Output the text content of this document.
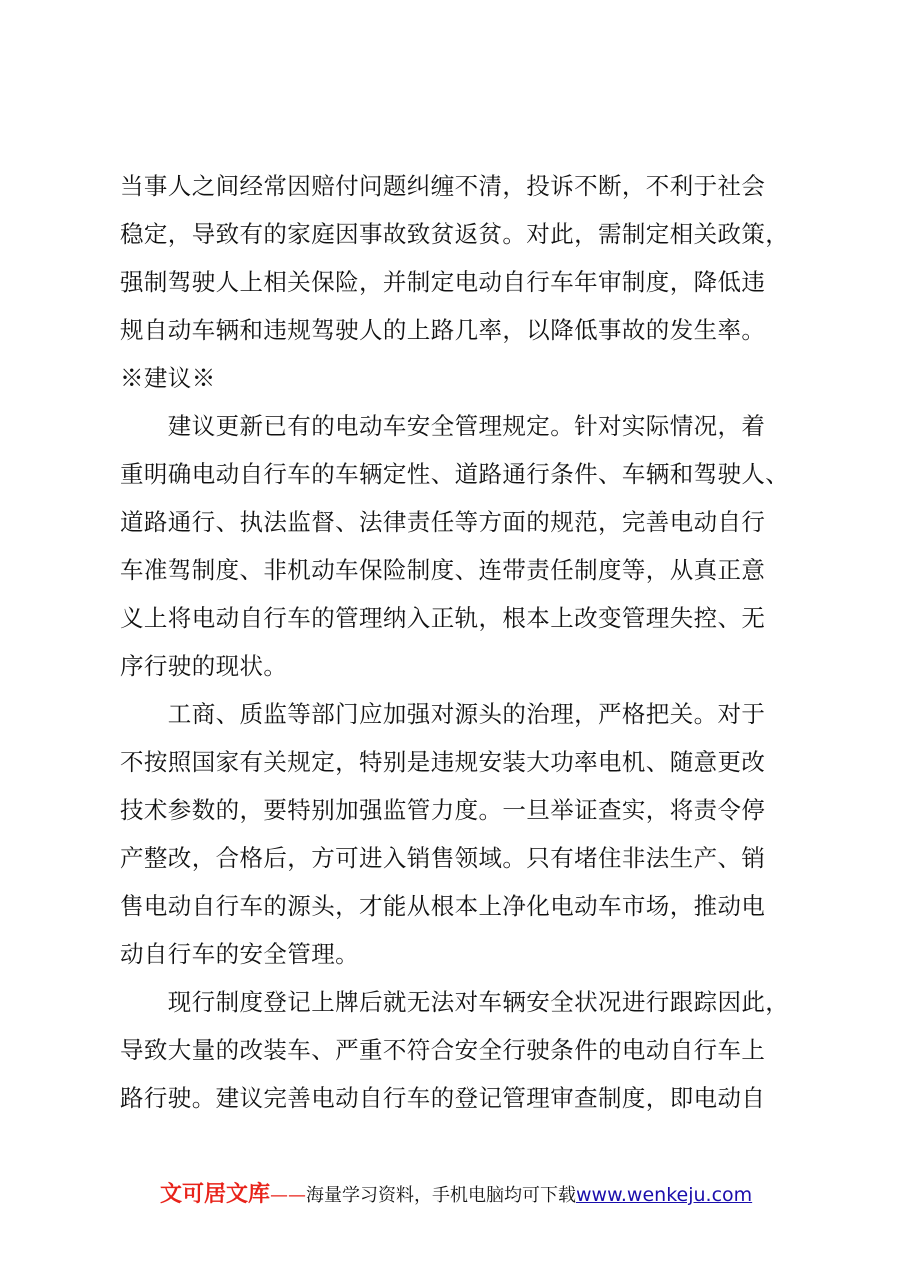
当事人之间经常因赔付问题纠缠不清，投诉不断，不利于社会
稳定，导致有的家庭因事故致贫返贫。对此，需制定相关政策，
强制驾驶人上相关保险，并制定电动自行车年审制度，降低违
规自动车辆和违规驾驶人的上路几率，以降低事故的发生率。
※建议※
　　建议更新已有的电动车安全管理规定。针对实际情况，着
重明确电动自行车的车辆定性、道路通行条件、车辆和驾驶人、
道路通行、执法监督、法律责任等方面的规范，完善电动自行
车准驾制度、非机动车保险制度、连带责任制度等，从真正意
义上将电动自行车的管理纳入正轨，根本上改变管理失控、无
序行驶的现状。
　　工商、质监等部门应加强对源头的治理，严格把关。对于
不按照国家有关规定，特别是违规安装大功率电机、随意更改
技术参数的，要特别加强监管力度。一旦举证查实，将责令停
产整改，合格后，方可进入销售领域。只有堵住非法生产、销
售电动自行车的源头，才能从根本上净化电动车市场，推动电
动自行车的安全管理。
　　现行制度登记上牌后就无法对车辆安全状况进行跟踪因此，
导致大量的改装车、严重不符合安全行驶条件的电动自行车上
路行驶。建议完善电动自行车的登记管理审查制度，即电动自
文可居文库——海量学习资料，手机电脑均可下载www.wenkeju.com
